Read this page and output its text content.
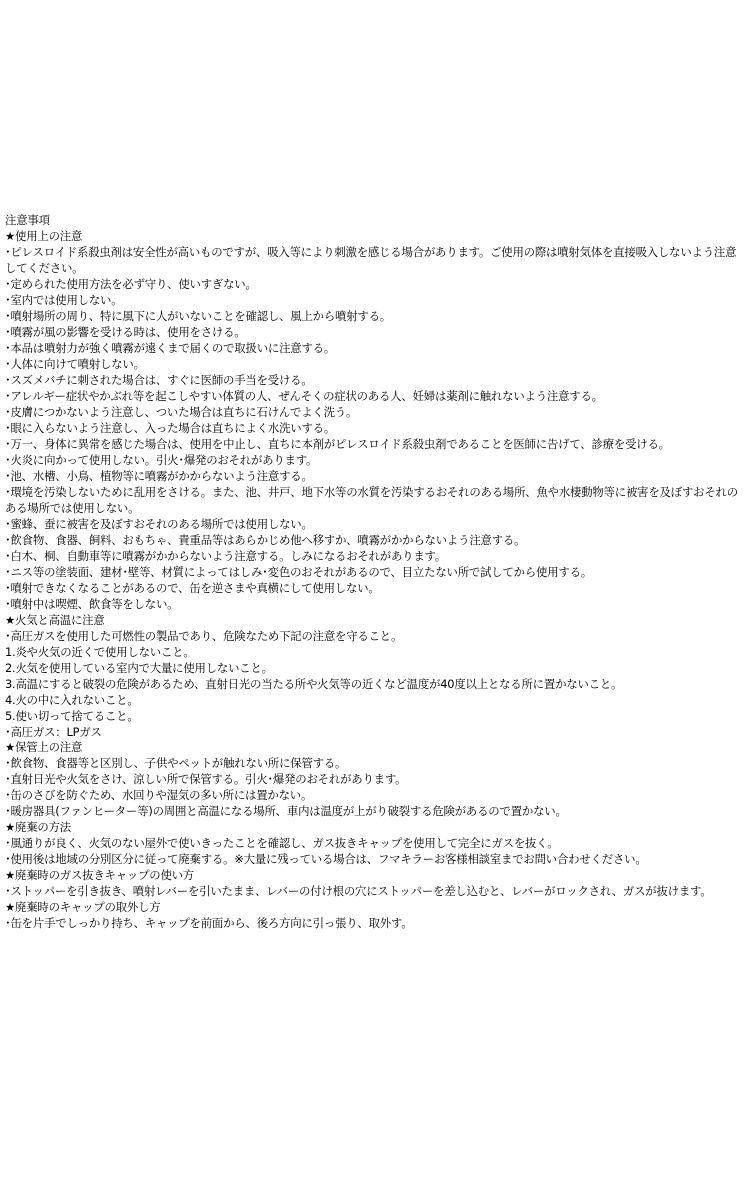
注意事項
★使用上の注意
･ピレスロイド系殺虫剤は安全性が高いものですが、吸入等により刺激を感じる場合があります。ご使用の際は噴射気体を直接吸入しないよう注意してください。
･定められた使用方法を必ず守り、使いすぎない。
･室内では使用しない。
･噴射場所の周り、特に風下に人がいないことを確認し、風上から噴射する。
･噴霧が風の影響を受ける時は、使用をさける。
･本品は噴射力が強く噴霧が遠くまで届くので取扱いに注意する。
･人体に向けて噴射しない。
･スズメバチに刺された場合は、すぐに医師の手当を受ける。
･アレルギー症状やかぶれ等を起こしやすい体質の人、ぜんそくの症状のある人、妊婦は薬剤に触れないよう注意する。
･皮膚につかないよう注意し、ついた場合は直ちに石けんでよく洗う。
･眼に入らないよう注意し、入った場合は直ちによく水洗いする。
･万一、身体に異常を感じた場合は、使用を中止し、直ちに本剤がピレスロイド系殺虫剤であることを医師に告げて、診療を受ける。
･火炎に向かって使用しない。引火･爆発のおそれがあります。
･池、水槽、小鳥、植物等に噴霧がかからないよう注意する。
･環境を汚染しないために乱用をさける。また、池、井戸、地下水等の水質を汚染するおそれのある場所、魚や水棲動物等に被害を及ぼすおそれのある場所では使用しない。
･蜜蜂、蚕に被害を及ぼすおそれのある場所では使用しない。
･飲食物、食器、飼料、おもちゃ、貴重品等はあらかじめ他へ移すか、噴霧がかからないよう注意する。
･白木、桐、自動車等に噴霧がかからないよう注意する。しみになるおそれがあります。
･ニス等の塗装面、建材･壁等、材質によってはしみ･変色のおそれがあるので、目立たない所で試してから使用する。
･噴射できなくなることがあるので、缶を逆さまや真横にして使用しない。
･噴射中は喫煙、飲食等をしない。
★火気と高温に注意
･高圧ガスを使用した可燃性の製品であり、危険なため下記の注意を守ること。
1.炎や火気の近くで使用しないこと。
2.火気を使用している室内で大量に使用しないこと。
3.高温にすると破裂の危険があるため、直射日光の当たる所や火気等の近くなど温度が40度以上となる所に置かないこと。
4.火の中に入れないこと。
5.使い切って捨てること。
･高圧ガス：LPガス
★保管上の注意
･飲食物、食器等と区別し、子供やペットが触れない所に保管する。
･直射日光や火気をさけ、涼しい所で保管する。引火･爆発のおそれがあります。
･缶のさびを防ぐため、水回りや湿気の多い所には置かない。
･暖房器具(ファンヒーター等)の周囲と高温になる場所、車内は温度が上がり破裂する危険があるので置かない。
★廃棄の方法
･風通りが良く、火気のない屋外で使いきったことを確認し、ガス抜きキャップを使用して完全にガスを抜く。
･使用後は地域の分別区分に従って廃棄する。※大量に残っている場合は、フマキラーお客様相談室までお問い合わせください。
★廃棄時のガス抜きキャップの使い方
･ストッパーを引き抜き、噴射レバーを引いたまま、レバーの付け根の穴にストッパーを差し込むと、レバーがロックされ、ガスが抜けます。
★廃棄時のキャップの取外し方
･缶を片手でしっかり持ち、キャップを前面から、後ろ方向に引っ張り、取外す。
